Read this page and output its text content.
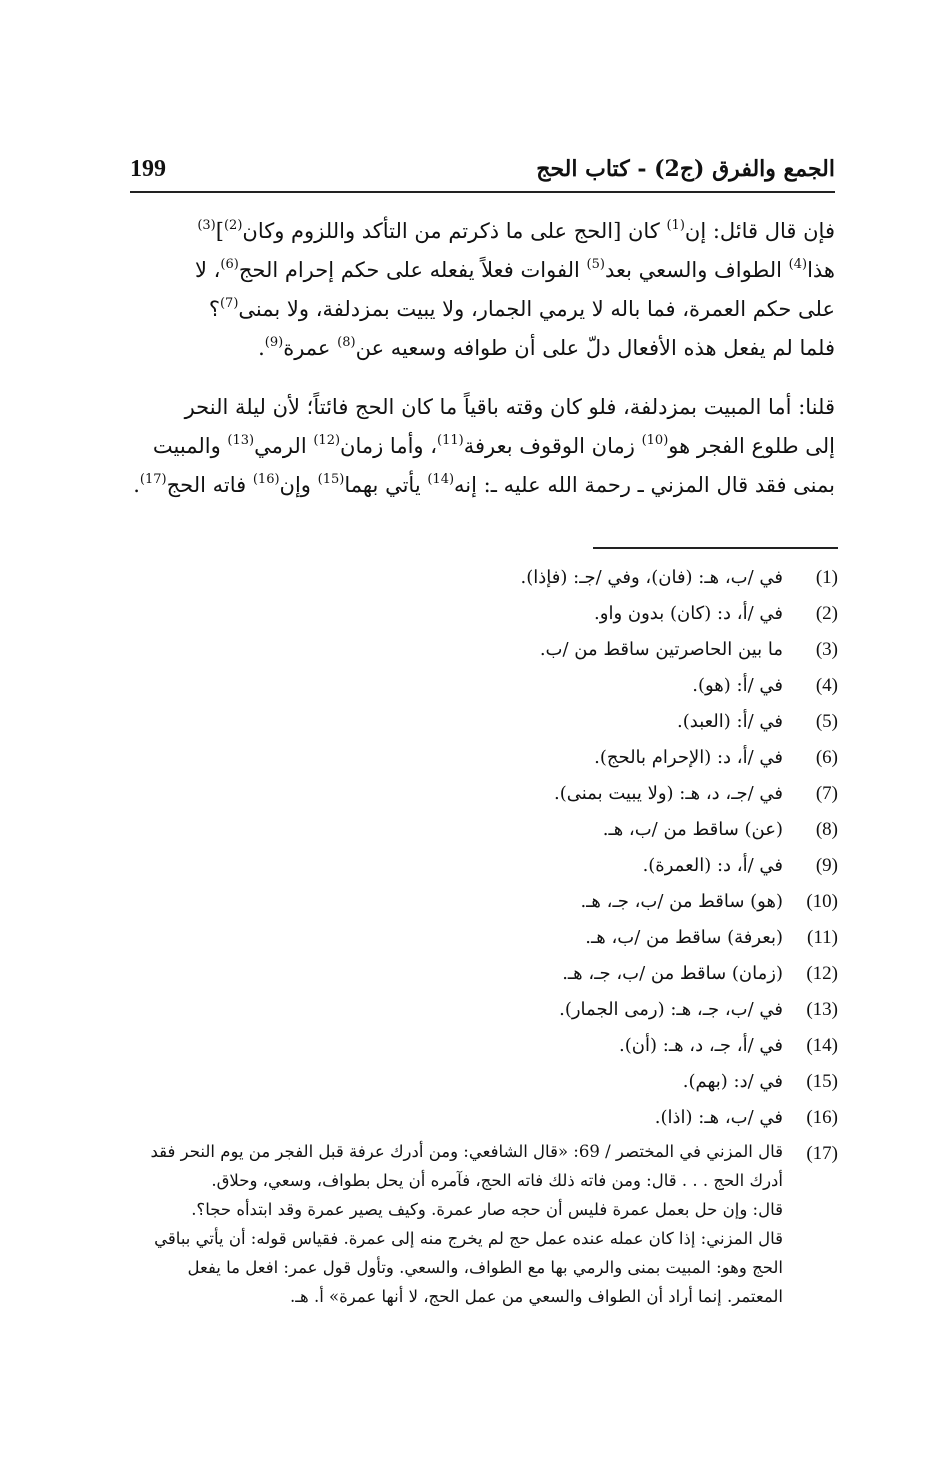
الجمع والفرق (ج2) - كتاب الحج
199

فإن قال قائل: إن$^{(1)}$ كان [الحج على ما ذكرتم من التأكد واللزوم وكان$^{(2)}$]$^{(3)}$
هذا$^{(4)}$ الطواف والسعي بعد$^{(5)}$ الفوات فعلاً يفعله على حكم إحرام الحج$^{(6)}$، لا
على حكم العمرة، فما باله لا يرمي الجمار، ولا يبيت بمزدلفة، ولا بمنى$^{(7)}$؟
فلما لم يفعل هذه الأفعال دلّ على أن طوافه وسعيه عن$^{(8)}$ عمرة$^{(9)}$.

قلنا: أما المبيت بمزدلفة، فلو كان وقته باقياً ما كان الحج فائتاً؛ لأن ليلة النحر
إلى طلوع الفجر هو$^{(10)}$ زمان الوقوف بعرفة$^{(11)}$، وأما زمان$^{(12)}$ الرمي$^{(13)}$ والمبيت
بمنى فقد قال المزني ـ رحمة الله عليه ـ: إنه$^{(14)}$ يأتي بهما$^{(15)}$ وإن$^{(16)}$ فاته الحج$^{(17)}$.

(1)
في /ب، هـ: (فان)، وفي /جـ: (فإذا).
(2)
في /أ، د: (كان) بدون واو.
(3)
ما بين الحاصرتين ساقط من /ب.
(4)
في /أ: (هو).
(5)
في /أ: (العبد).
(6)
في /أ، د: (الإحرام بالحج).
(7)
في /جـ، د، هـ: (ولا يبيت بمنى).
(8)
(عن) ساقط من /ب، هـ.
(9)
في /أ، د: (العمرة).
(10)
(هو) ساقط من /ب، جـ، هـ.
(11)
(بعرفة) ساقط من /ب، هـ.
(12)
(زمان) ساقط من /ب، جـ، هـ.
(13)
في /ب، جـ، هـ: (رمى الجمار).
(14)
في /أ، جـ، د، هـ: (أن).
(15)
في /د: (بهم).
(16)
في /ب، هـ: (اذا).
(17)
قال المزني في المختصر / 69: «قال الشافعي: ومن أدرك عرفة قبل الفجر من يوم النحر فقد
أدرك الحج . . . قال: ومن فاته ذلك فاته الحج، فآمره أن يحل بطواف، وسعي، وحلاق.
قال: وإن حل بعمل عمرة فليس أن حجه صار عمرة. وكيف يصير عمرة وقد ابتدأه حجا؟.
قال المزني: إذا كان عمله عنده عمل حج لم يخرج منه إلى عمرة. فقياس قوله: أن يأتي بباقي
الحج وهو: المبيت بمنى والرمي بها مع الطواف، والسعي. وتأول قول عمر: افعل ما يفعل
المعتمر. إنما أراد أن الطواف والسعي من عمل الحج، لا أنها عمرة» أ. هـ.
